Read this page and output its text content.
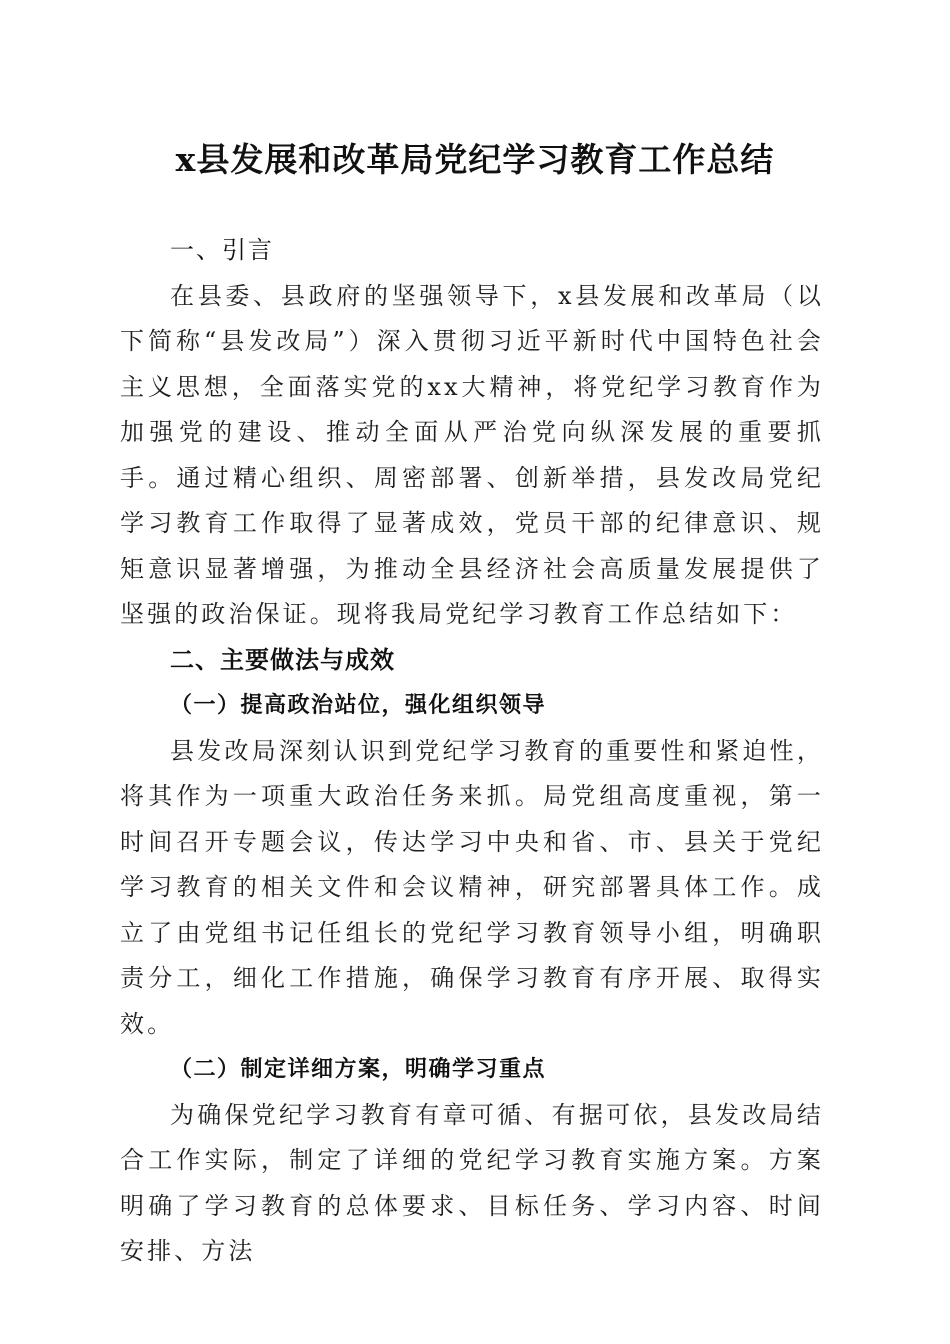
x县发展和改革局党纪学习教育工作总结

一、引言

在县委、县政府的坚强领导下，x县发展和改革局（以下简称“县发改局”）深入贯彻习近平新时代中国特色社会主义思想，全面落实党的xx大精神，将党纪学习教育作为加强党的建设、推动全面从严治党向纵深发展的重要抓手。通过精心组织、周密部署、创新举措，县发改局党纪学习教育工作取得了显著成效，党员干部的纪律意识、规矩意识显著增强，为推动全县经济社会高质量发展提供了坚强的政治保证。现将我局党纪学习教育工作总结如下：

二、主要做法与成效

（一）提高政治站位，强化组织领导

县发改局深刻认识到党纪学习教育的重要性和紧迫性，将其作为一项重大政治任务来抓。局党组高度重视，第一时间召开专题会议，传达学习中央和省、市、县关于党纪学习教育的相关文件和会议精神，研究部署具体工作。成立了由党组书记任组长的党纪学习教育领导小组，明确职责分工，细化工作措施，确保学习教育有序开展、取得实效。

（二）制定详细方案，明确学习重点

为确保党纪学习教育有章可循、有据可依，县发改局结合工作实际，制定了详细的党纪学习教育实施方案。方案明确了学习教育的总体要求、目标任务、学习内容、时间安排、方法
